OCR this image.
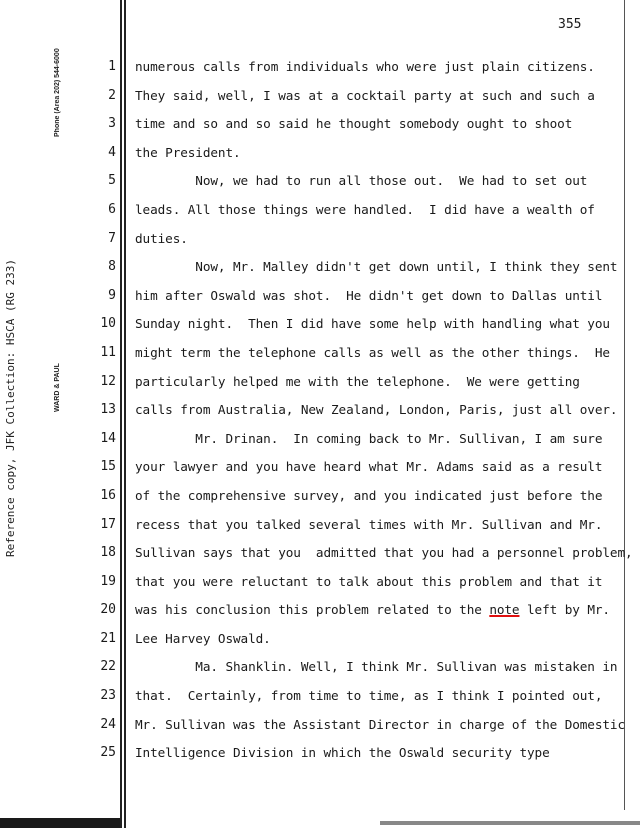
355
Phone (Area 202) 544-6000
Reference copy, JFK Collection: HSCA (RG 233)	WARD & PAUL
1
2
3
4
5
6
7
8
9
10
11
12
13
14
15
16
17
18
19
20
21
22
23
24
25
numerous calls from individuals who were just plain citizens.
They said, well, I was at a cocktail party at such and such a
time and so and so said he thought somebody ought to shoot
the President.
Now, we had to run all those out.  We had to set out
leads. All those things were handled.  I did have a wealth of
duties.
Now, Mr. Malley didn't get down until, I think they sent
him after Oswald was shot.  He didn't get down to Dallas until
Sunday night.  Then I did have some help with handling what you
might term the telephone calls as well as the other things.  He
particularly helped me with the telephone.  We were getting
calls from Australia, New Zealand, London, Paris, just all over.
Mr. Drinan.  In coming back to Mr. Sullivan, I am sure
your lawyer and you have heard what Mr. Adams said as a result
of the comprehensive survey, and you indicated just before the
recess that you talked several times with Mr. Sullivan and Mr.
Sullivan says that you  admitted that you had a personnel problem,
that you were reluctant to talk about this problem and that it
was his conclusion this problem related to the note left by Mr.
Lee Harvey Oswald.
Ma. Shanklin. Well, I think Mr. Sullivan was mistaken in
that.  Certainly, from time to time, as I think I pointed out,
Mr. Sullivan was the Assistant Director in charge of the Domestic
Intelligence Division in which the Oswald security type
